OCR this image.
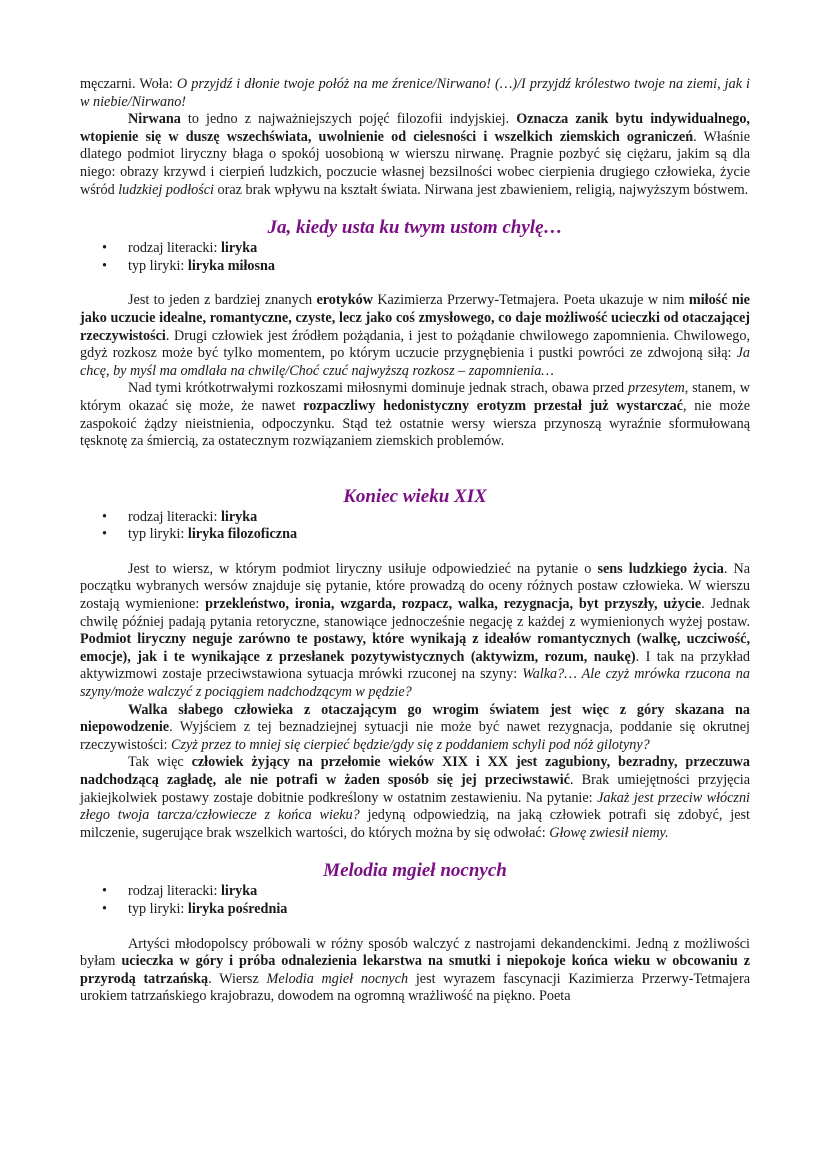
męczarni. Woła: O przyjdź i dłonie twoje połóż na me źrenice/Nirwano! (…)/I przyjdź królestwo twoje na ziemi, jak i w niebie/Nirwano!

Nirwana to jedno z najważniejszych pojęć filozofii indyjskiej. Oznacza zanik bytu indywidualnego, wtopienie się w duszę wszechświata, uwolnienie od cielesności i wszelkich ziemskich ograniczeń. Właśnie dlatego podmiot liryczny błaga o spokój uosobioną w wierszu nirwanę. Pragnie pozbyć się ciężaru, jakim są dla niego: obrazy krzywd i cierpień ludzkich, poczucie własnej bezsilności wobec cierpienia drugiego człowieka, życie wśród ludzkiej podłości oraz brak wpływu na kształt świata. Nirwana jest zbawieniem, religią, najwyższym bóstwem.

Ja, kiedy usta ku twym ustom chylę…
• rodzaj literacki: liryka
• typ liryki: liryka miłosna

Jest to jeden z bardziej znanych erotyków Kazimierza Przerwy-Tetmajera. Poeta ukazuje w nim miłość nie jako uczucie idealne, romantyczne, czyste, lecz jako coś zmysłowego, co daje możliwość ucieczki od otaczającej rzeczywistości. Drugi człowiek jest źródłem pożądania, i jest to pożądanie chwilowego zapomnienia. Chwilowego, gdyż rozkosz może być tylko momentem, po którym uczucie przygnębienia i pustki powróci ze zdwojoną siłą: Ja chcę, by myśl ma omdlała na chwilę/Choć czuć najwyższą rozkosz – zapomnienia…

Nad tymi krótkotrwałymi rozkoszami miłosnymi dominuje jednak strach, obawa przed przesytem, stanem, w którym okazać się może, że nawet rozpaczliwy hedonistyczny erotyzm przestał już wystarczać, nie może zaspokoić żądzy nieistnienia, odpoczynku. Stąd też ostatnie wersy wiersza przynoszą wyraźnie sformułowaną tęsknotę za śmiercią, za ostatecznym rozwiązaniem ziemskich problemów.

Koniec wieku XIX
• rodzaj literacki: liryka
• typ liryki: liryka filozoficzna

Jest to wiersz, w którym podmiot liryczny usiłuje odpowiedzieć na pytanie o sens ludzkiego życia. Na początku wybranych wersów znajduje się pytanie, które prowadzą do oceny różnych postaw człowieka. W wierszu zostają wymienione: przekleństwo, ironia, wzgarda, rozpacz, walka, rezygnacja, byt przyszły, użycie. Jednak chwilę później padają pytania retoryczne, stanowiące jednocześnie negację z każdej z wymienionych wyżej postaw. Podmiot liryczny neguje zarówno te postawy, które wynikają z ideałów romantycznych (walkę, uczciwość, emocje), jak i te wynikające z przesłanek pozytywistycznych (aktywizm, rozum, naukę). I tak na przykład aktywizmowi zostaje przeciwstawiona sytuacja mrówki rzuconej na szyny: Walka?… Ale czyż mrówka rzucona na szyny/może walczyć z pociągiem nadchodzącym w pędzie?

Walka słabego człowieka z otaczającym go wrogim światem jest więc z góry skazana na niepowodzenie. Wyjściem z tej beznadziejnej sytuacji nie może być nawet rezygnacja, poddanie się okrutnej rzeczywistości: Czyż przez to mniej się cierpieć będzie/gdy się z poddaniem schyli pod nóż gilotyny?

Tak więc człowiek żyjący na przełomie wieków XIX i XX jest zagubiony, bezradny, przeczuwa nadchodzącą zagładę, ale nie potrafi w żaden sposób się jej przeciwstawić. Brak umiejętności przyjęcia jakiejkolwiek postawy zostaje dobitnie podkreślony w ostatnim zestawieniu. Na pytanie: Jakaż jest przeciw włóczni złego twoja tarcza/człowiecze z końca wieku? jedyną odpowiedzią, na jaką człowiek potrafi się zdobyć, jest milczenie, sugerujące brak wszelkich wartości, do których można by się odwołać: Głowę zwiesił niemy.

Melodia mgieł nocnych
• rodzaj literacki: liryka
• typ liryki: liryka pośrednia

Artyści młodopolscy próbowali w różny sposób walczyć z nastrojami dekandenckimi. Jedną z możliwości byłam ucieczka w góry i próba odnalezienia lekarstwa na smutki i niepokoje końca wieku w obcowaniu z przyrodą tatrzańską. Wiersz Melodia mgieł nocnych jest wyrazem fascynacji Kazimierza Przerwy-Tetmajera urokiem tatrzańskiego krajobrazu, dowodem na ogromną wrażliwość na piękno. Poeta
